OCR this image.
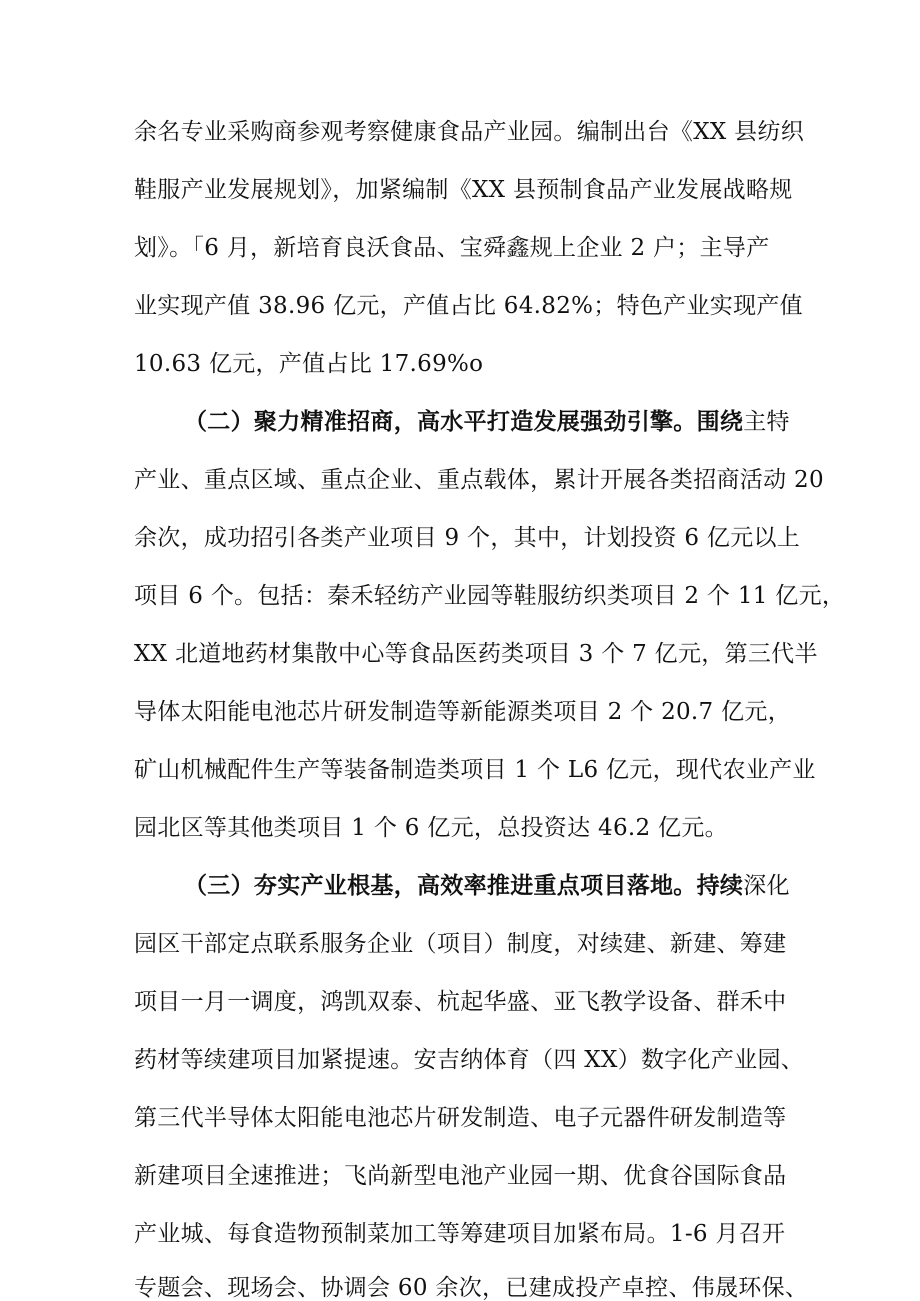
余名专业采购商参观考察健康食品产业园。编制出台《XX 县纺织
鞋服产业发展规划》，加紧编制《XX 县预制食品产业发展战略规
划》。「6 月，新培育良沃食品、宝舜鑫规上企业 2 户；主导产
业实现产值 38.96 亿元，产值占比 64.82%；特色产业实现产值
10.63 亿元，产值占比 17.69%o
（二）聚力精准招商，高水平打造发展强劲引擎。围绕主特
产业、重点区域、重点企业、重点载体，累计开展各类招商活动 20
余次，成功招引各类产业项目 9 个，其中，计划投资 6 亿元以上
项目 6 个。包括：秦禾轻纺产业园等鞋服纺织类项目 2 个 11 亿元，
XX 北道地药材集散中心等食品医药类项目 3 个 7 亿元，第三代半
导体太阳能电池芯片研发制造等新能源类项目 2 个 20.7 亿元，
矿山机械配件生产等装备制造类项目 1 个 L6 亿元，现代农业产业
园北区等其他类项目 1 个 6 亿元，总投资达 46.2 亿元。
（三）夯实产业根基，高效率推进重点项目落地。持续深化
园区干部定点联系服务企业（项目）制度，对续建、新建、筹建
项目一月一调度，鸿凯双泰、杭起华盛、亚飞教学设备、群禾中
药材等续建项目加紧提速。安吉纳体育（四 XX）数字化产业园、
第三代半导体太阳能电池芯片研发制造、电子元器件研发制造等
新建项目全速推进；飞尚新型电池产业园一期、优食谷国际食品
产业城、每食造物预制菜加工等筹建项目加紧布局。1-6 月召开
专题会、现场会、协调会 60 余次，已建成投产卓控、伟晟环保、
